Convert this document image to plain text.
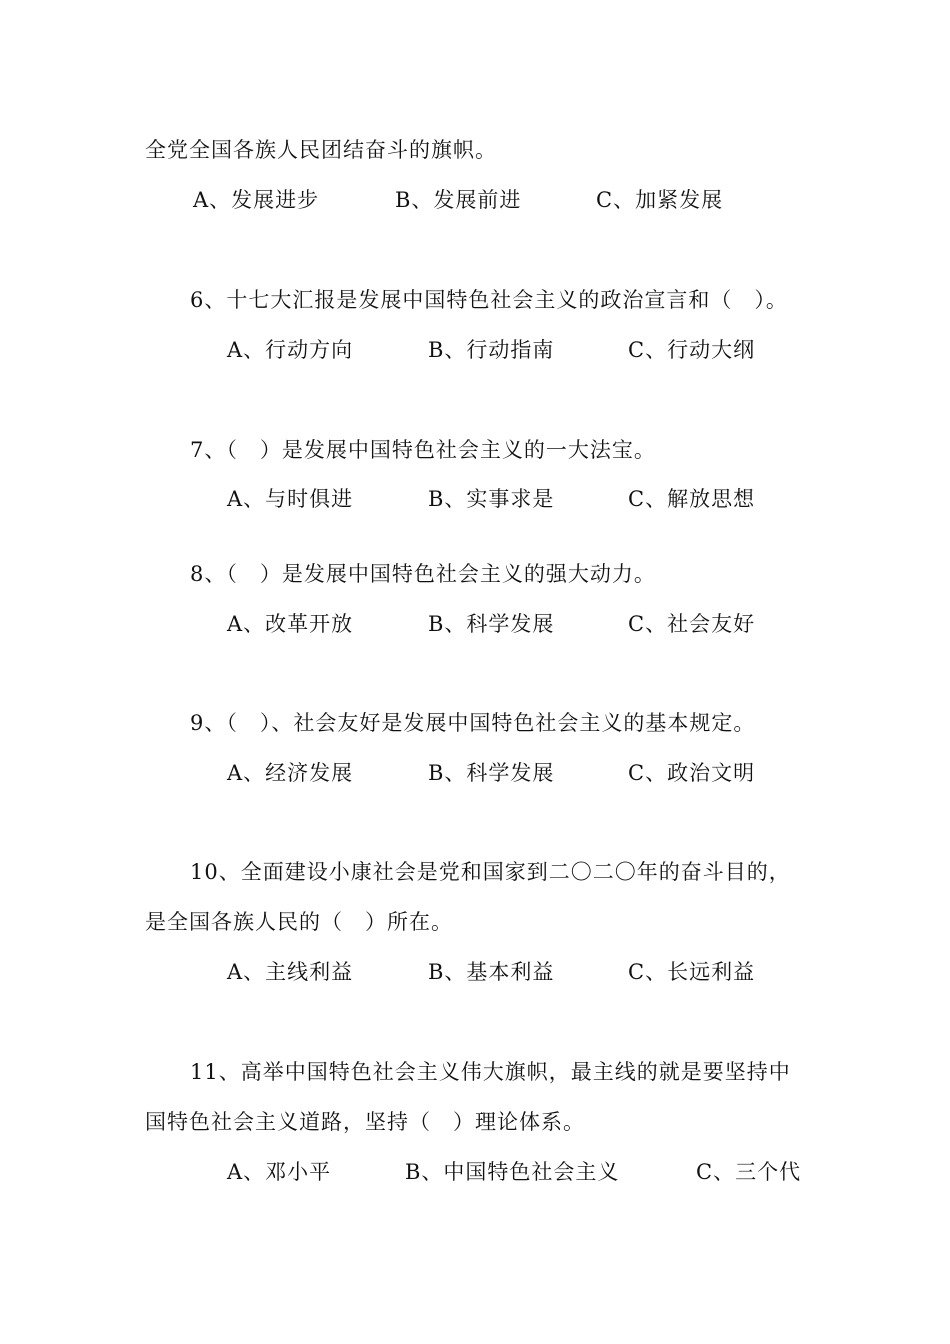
全党全国各族人民团结奋斗的旗帜。
A、发展进步	B、发展前进	C、加紧发展
6、十七大汇报是发展中国特色社会主义的政治宣言和（　）。
A、行动方向	B、行动指南	C、行动大纲
7、（　）是发展中国特色社会主义的一大法宝。
A、与时俱进	B、实事求是	C、解放思想
8、（　）是发展中国特色社会主义的强大动力。
A、改革开放	B、科学发展	C、社会友好
9、（　）、社会友好是发展中国特色社会主义的基本规定。
A、经济发展	B、科学发展	C、政治文明
10、全面建设小康社会是党和国家到二〇二〇年的奋斗目的，
是全国各族人民的（　）所在。
A、主线利益	B、基本利益	C、长远利益
11、高举中国特色社会主义伟大旗帜，最主线的就是要坚持中
国特色社会主义道路，坚持（　）理论体系。
A、邓小平	B、中国特色社会主义	C、三个代
